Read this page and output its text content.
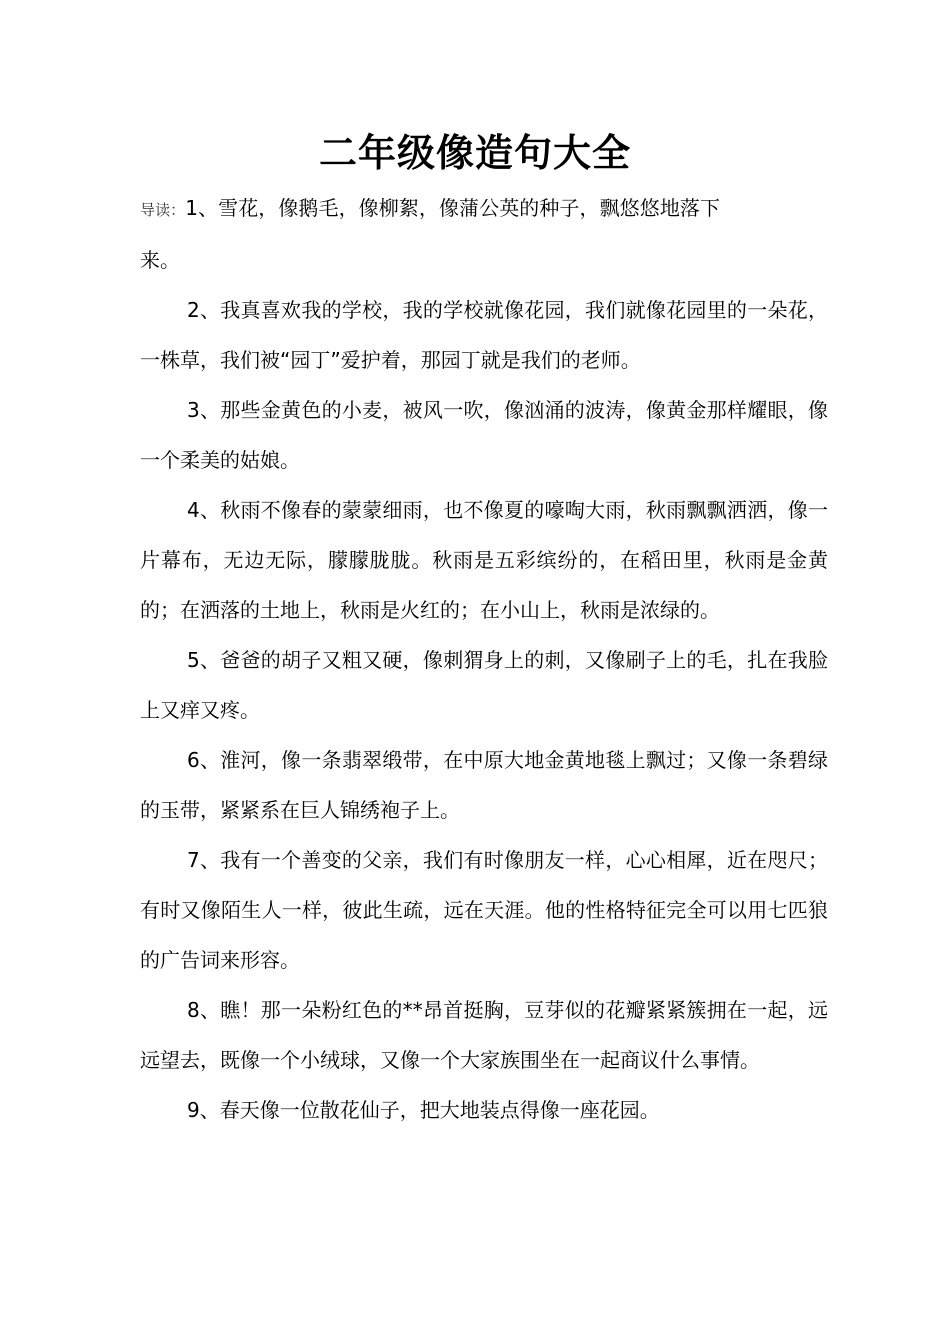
二年级像造句大全

导读：1、雪花，像鹅毛，像柳絮，像蒲公英的种子，飘悠悠地落下来。

2、我真喜欢我的学校，我的学校就像花园，我们就像花园里的一朵花，一株草，我们被“园丁”爱护着，那园丁就是我们的老师。

3、那些金黄色的小麦，被风一吹，像汹涌的波涛，像黄金那样耀眼，像一个柔美的姑娘。

4、秋雨不像春的蒙蒙细雨，也不像夏的嚎啕大雨，秋雨飘飘洒洒，像一片幕布，无边无际，朦朦胧胧。秋雨是五彩缤纷的，在稻田里，秋雨是金黄的；在洒落的土地上，秋雨是火红的；在小山上，秋雨是浓绿的。

5、爸爸的胡子又粗又硬，像刺猬身上的刺，又像刷子上的毛，扎在我脸上又痒又疼。

6、淮河，像一条翡翠缎带，在中原大地金黄地毯上飘过；又像一条碧绿的玉带，紧紧系在巨人锦绣袍子上。

7、我有一个善变的父亲，我们有时像朋友一样，心心相犀，近在咫尺；有时又像陌生人一样，彼此生疏，远在天涯。他的性格特征完全可以用七匹狼的广告词来形容。

8、瞧！那一朵粉红色的**昂首挺胸，豆芽似的花瓣紧紧簇拥在一起，远远望去，既像一个小绒球，又像一个大家族围坐在一起商议什么事情。

9、春天像一位散花仙子，把大地装点得像一座花园。
